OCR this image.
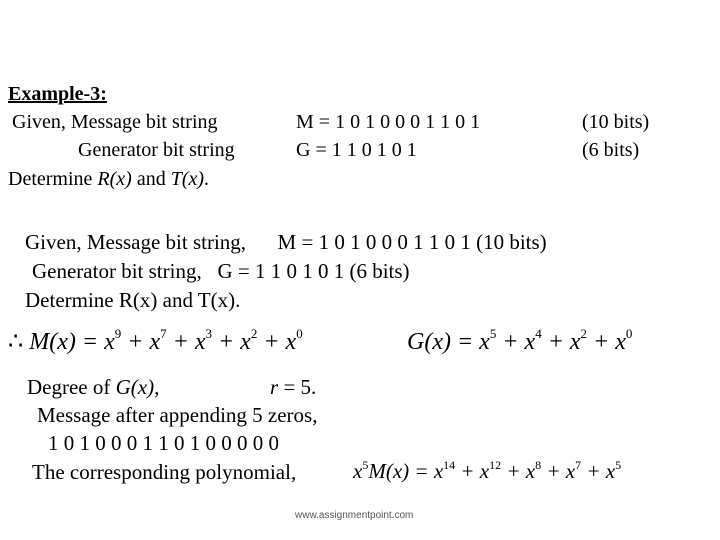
Example-3:
Given, Message bit string	M = 1 0 1 0 0 0 1 1 0 1	(10 bits)
Generator bit string	G = 1 1 0 1 0 1	(6 bits)
Determine R(x) and T(x).
Given, Message bit string,      M = 1 0 1 0 0 0 1 1 0 1 (10 bits)
Generator bit string,   G = 1 1 0 1 0 1 (6 bits)
Determine R(x) and T(x).
∴ $M(x) = x^9 + x^7 + x^3 + x^2 + x^0$	$G(x) = x^5 + x^4 + x^2 + x^0$
Degree of G(x),	r = 5.
Message after appending 5 zeros,
1 0 1 0 0 0 1 1 0 1 0 0 0 0 0
The corresponding polynomial,	$x^5M(x) = x^{14} + x^{12} + x^8 + x^7 + x^5$
www.assignmentpoint.com
